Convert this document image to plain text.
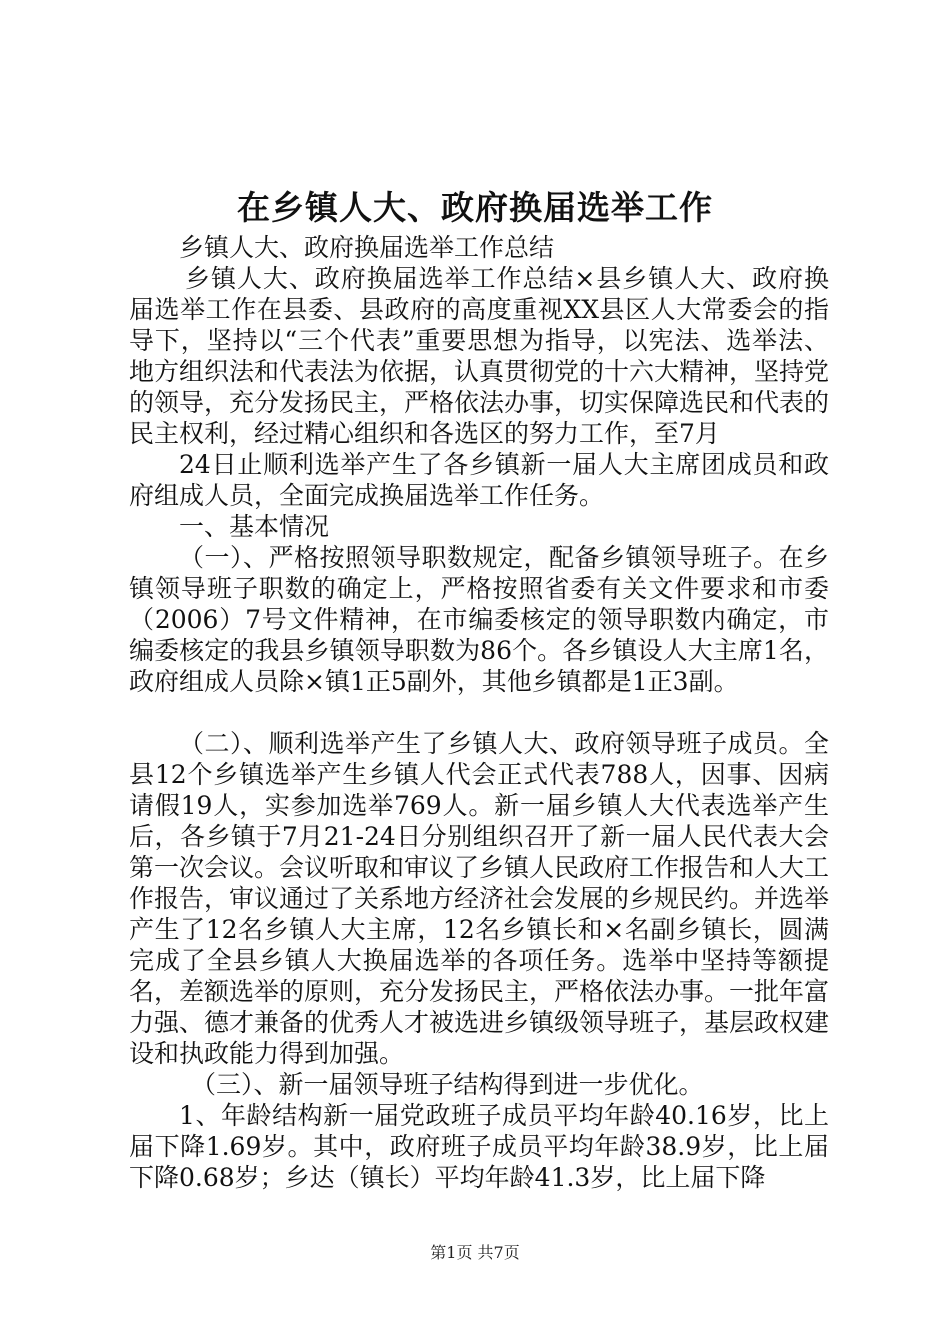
在乡镇人大、政府换届选举工作

乡镇人大、政府换届选举工作总结

乡镇人大、政府换届选举工作总结×县乡镇人大、政府换届选举工作在县委、县政府的高度重视XX县区人大常委会的指导下，坚持以“三个代表”重要思想为指导，以宪法、选举法、地方组织法和代表法为依据，认真贯彻党的十六大精神，坚持党的领导，充分发扬民主，严格依法办事，切实保障选民和代表的民主权利，经过精心组织和各选区的努力工作，至7月

24日止顺利选举产生了各乡镇新一届人大主席团成员和政府组成人员，全面完成换届选举工作任务。

一、基本情况

（一）、严格按照领导职数规定，配备乡镇领导班子。在乡镇领导班子职数的确定上，严格按照省委有关文件要求和市委（2006）7号文件精神，在市编委核定的领导职数内确定，市编委核定的我县乡镇领导职数为86个。各乡镇设人大主席1名，政府组成人员除×镇1正5副外，其他乡镇都是1正3副。

（二）、顺利选举产生了乡镇人大、政府领导班子成员。全县12个乡镇选举产生乡镇人代会正式代表788人，因事、因病请假19人，实参加选举769人。新一届乡镇人大代表选举产生后，各乡镇于7月21-24日分别组织召开了新一届人民代表大会第一次会议。会议听取和审议了乡镇人民政府工作报告和人大工作报告，审议通过了关系地方经济社会发展的乡规民约。并选举产生了12名乡镇人大主席，12名乡镇长和×名副乡镇长，圆满完成了全县乡镇人大换届选举的各项任务。选举中坚持等额提名，差额选举的原则，充分发扬民主，严格依法办事。一批年富力强、德才兼备的优秀人才被选进乡镇级领导班子，基层政权建设和执政能力得到加强。

（三）、新一届领导班子结构得到进一步优化。

1、年龄结构新一届党政班子成员平均年龄40.16岁，比上届下降1.69岁。其中，政府班子成员平均年龄38.9岁，比上届下降0.68岁；乡达（镇长）平均年龄41.3岁，比上届下降

第1页 共7页
